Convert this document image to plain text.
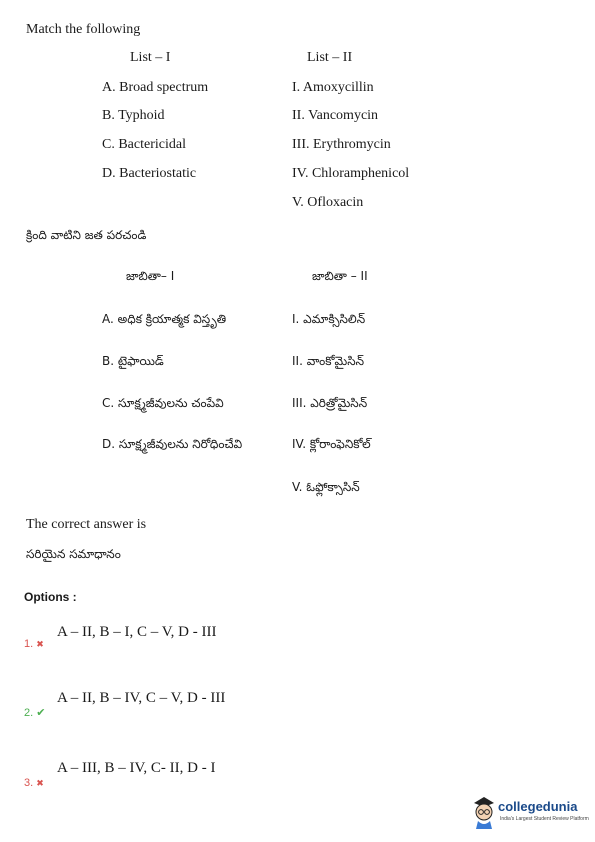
Match the following
List – I	List – II
A. Broad spectrum
B. Typhoid
C. Bactericidal
D. Bacteriostatic
I. Amoxycillin
II. Vancomycin
III. Erythromycin
IV. Chloramphenicol
V. Ofloxacin
క్రింది వాటిని జత పరచండి
జాబితా– I	జాబితా – II
A. అధిక క్రియాత్మక విస్తృతి
B. టైఫాయిడ్
C. సూక్ష్మజీవులను చంపేవి
D. సూక్ష్మజీవులను నిరోధించేవి
I. ఎమాక్సిసిలిన్
II. వాంకోమైసిన్
III. ఎరిత్రోమైసిన్
IV. క్లోరాంఫెనికోల్
V. ఓఫ్లోక్సాసిన్
The correct answer is
సరియైన సమాధానం
Options :
1. ✖
A – II, B – I, C – V, D - III
2. ✔
A – II, B – IV, C – V, D - III
3. ✖
A – III, B – IV, C- II, D - I
collegedunia
India's Largest Student Review Platform
